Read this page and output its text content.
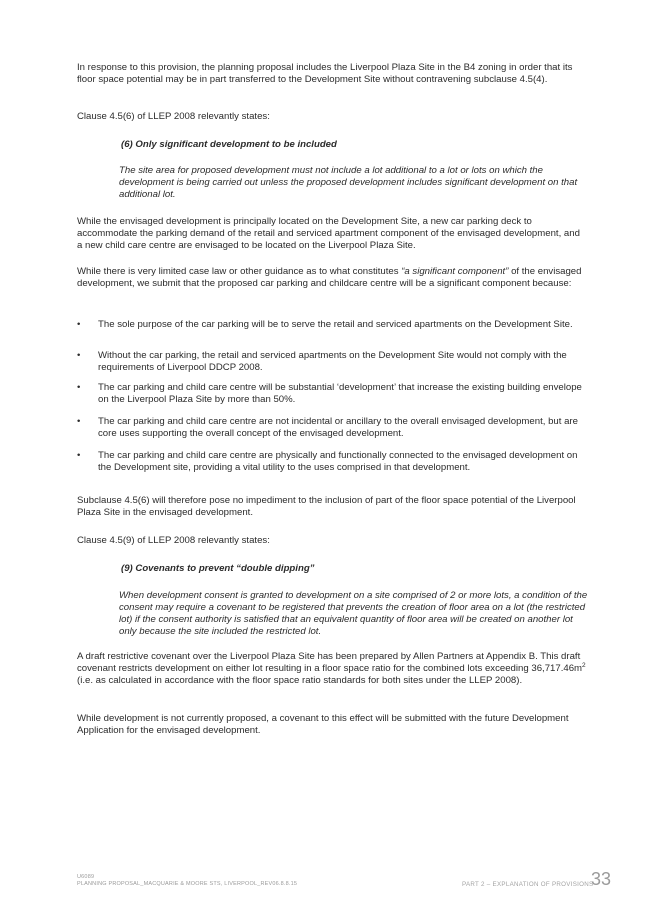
In response to this provision, the planning proposal includes the Liverpool Plaza Site in the B4 zoning in order that its floor space potential may be in part transferred to the Development Site without contravening subclause 4.5(4).

Clause 4.5(6) of LLEP 2008 relevantly states:

(6) Only significant development to be included

The site area for proposed development must not include a lot additional to a lot or lots on which the development is being carried out unless the proposed development includes significant development on that additional lot.

While the envisaged development is principally located on the Development Site, a new car parking deck to accommodate the parking demand of the retail and serviced apartment component of the envisaged development, and a new child care centre are envisaged to be located on the Liverpool Plaza Site.

While there is very limited case law or other guidance as to what constitutes “a significant component” of the envisaged development, we submit that the proposed car parking and childcare centre will be a significant component because:

•	The sole purpose of the car parking will be to serve the retail and serviced apartments on the Development Site.

•	Without the car parking, the retail and serviced apartments on the Development Site would not comply with the requirements of Liverpool DDCP 2008.

•	The car parking and child care centre will be substantial ‘development’ that increase the existing building envelope on the Liverpool Plaza Site by more than 50%.

•	The car parking and child care centre are not incidental or ancillary to the overall envisaged development, but are core uses supporting the overall concept of the envisaged development.

•	The car parking and child care centre are physically and functionally connected to the envisaged development on the Development site, providing a vital utility to the uses comprised in that development.

Subclause 4.5(6) will therefore pose no impediment to the inclusion of part of the floor space potential of the Liverpool Plaza Site in the envisaged development.

Clause 4.5(9) of LLEP 2008 relevantly states:

(9) Covenants to prevent “double dipping”

When development consent is granted to development on a site comprised of 2 or more lots, a condition of the consent may require a covenant to be registered that prevents the creation of floor area on a lot (the restricted lot) if the consent authority is satisfied that an equivalent quantity of floor area will be created on another lot only because the site included the restricted lot.

A draft restrictive covenant over the Liverpool Plaza Site has been prepared by Allen Partners at Appendix B. This draft covenant restricts development on either lot resulting in a floor space ratio for the combined lots exceeding $36,717.46m^2$ (i.e. as calculated in accordance with the floor space ratio standards for both sites under the LLEP 2008).

While development is not currently proposed, a covenant to this effect will be submitted with the future Development Application for the envisaged development.

U6089
PLANNING PROPOSAL_MACQUARIE & MOORE STS, LIVERPOOL_REV06.8.8.15	PART 2 – EXPLANATION OF PROVISIONS
33
